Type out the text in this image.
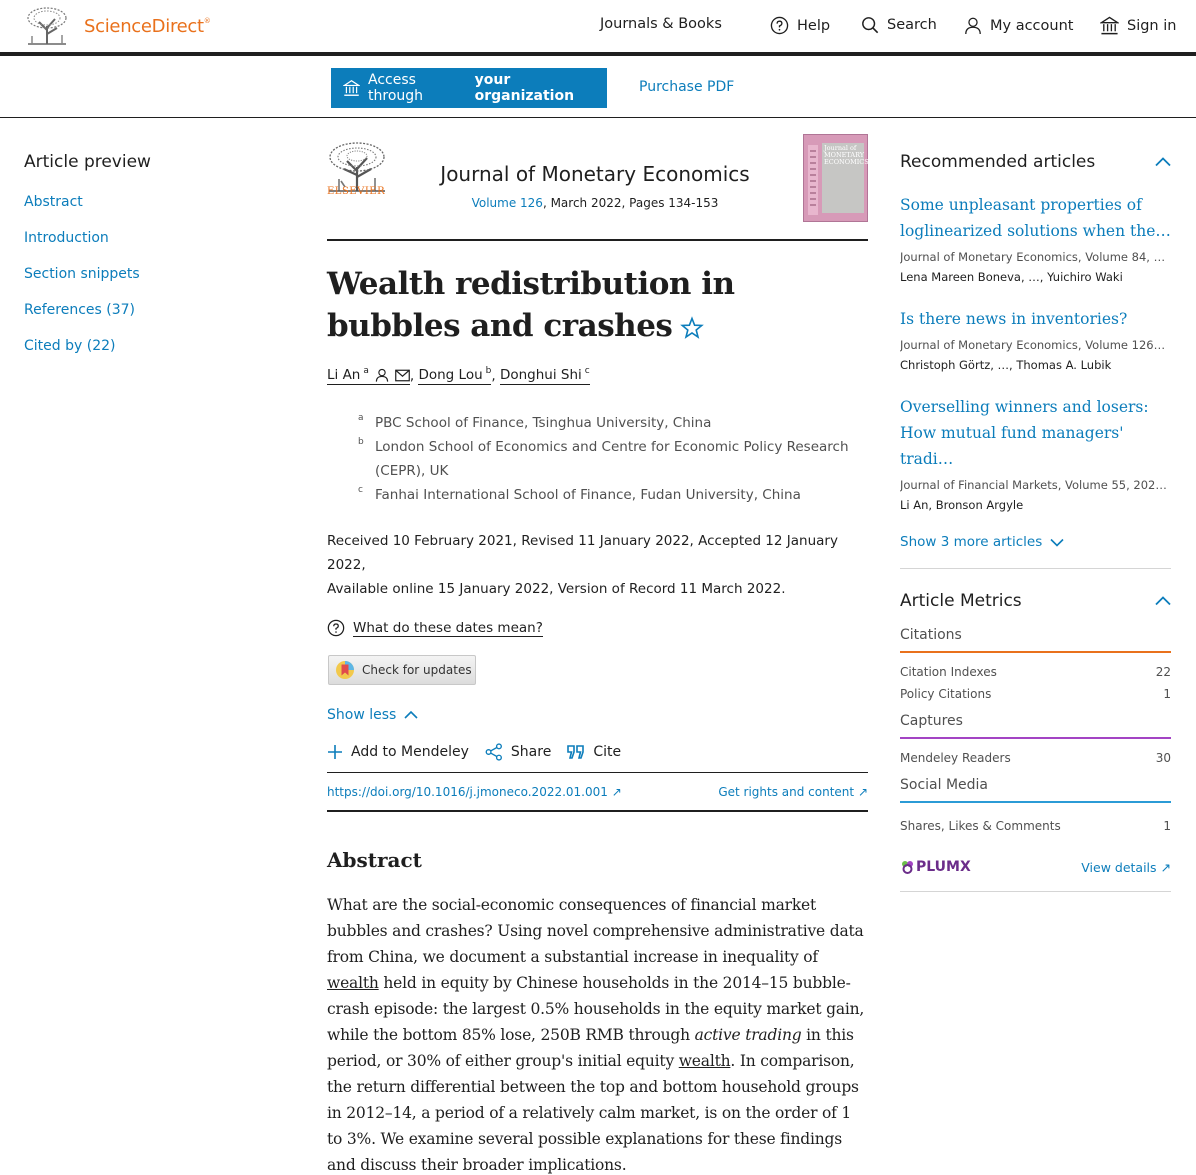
ScienceDirect®	Journals & Books	Help	Search	My account	Sign in
Access through
your organization
Purchase PDF
Article preview
Abstract
Introduction
Section snippets
References (37)
Cited by (22)
ELSEVIER
Journal of Monetary Economics
Volume 126, March 2022, Pages 134-153
Journal of MONETARY ECONOMICS
Wealth redistribution in bubbles and crashes
Li An $^a$	, Dong Lou $^b$ , Donghui Shi $^c$
a PBC School of Finance, Tsinghua University, China
b London School of Economics and Centre for Economic Policy Research (CEPR), UK
c Fanhai International School of Finance, Fudan University, China
Received 10 February 2021, Revised 11 January 2022, Accepted 12 January 2022,
Available online 15 January 2022, Version of Record 11 March 2022.
What do these dates mean?
Check for updates
Show less
Add to Mendeley	Share	Cite
https://doi.org/10.1016/j.jmoneco.2022.01.001 ↗	Get rights and content ↗
Abstract

What are the social-economic consequences of financial market bubbles and crashes? Using novel comprehensive administrative data from China, we document a substantial increase in inequality of wealth held in equity by Chinese households in the 2014–15 bubble-crash episode: the largest 0.5% households in the equity market gain, while the bottom 85% lose, 250B RMB through active trading in this period, or 30% of either group's initial equity wealth. In comparison, the return differential between the top and bottom household groups in 2012–14, a period of a relatively calm market, is on the order of 1 to 3%. We examine several possible explanations for these findings and discuss their broader implications.

Recommended articles
Some unpleasant properties of loglinearized solutions when the…
Journal of Monetary Economics, Volume 84, …
Lena Mareen Boneva, …, Yuichiro Waki
Is there news in inventories?
Journal of Monetary Economics, Volume 126…
Christoph Görtz, …, Thomas A. Lubik
Overselling winners and losers: How mutual fund managers' tradi…
Journal of Financial Markets, Volume 55, 202…
Li An, Bronson Argyle
Show 3 more articles
Article Metrics
Citations
Citation Indexes	22
Policy Citations	1
Captures
Mendeley Readers	30
Social Media
Shares, Likes & Comments	1
PLUMX	View details ↗
